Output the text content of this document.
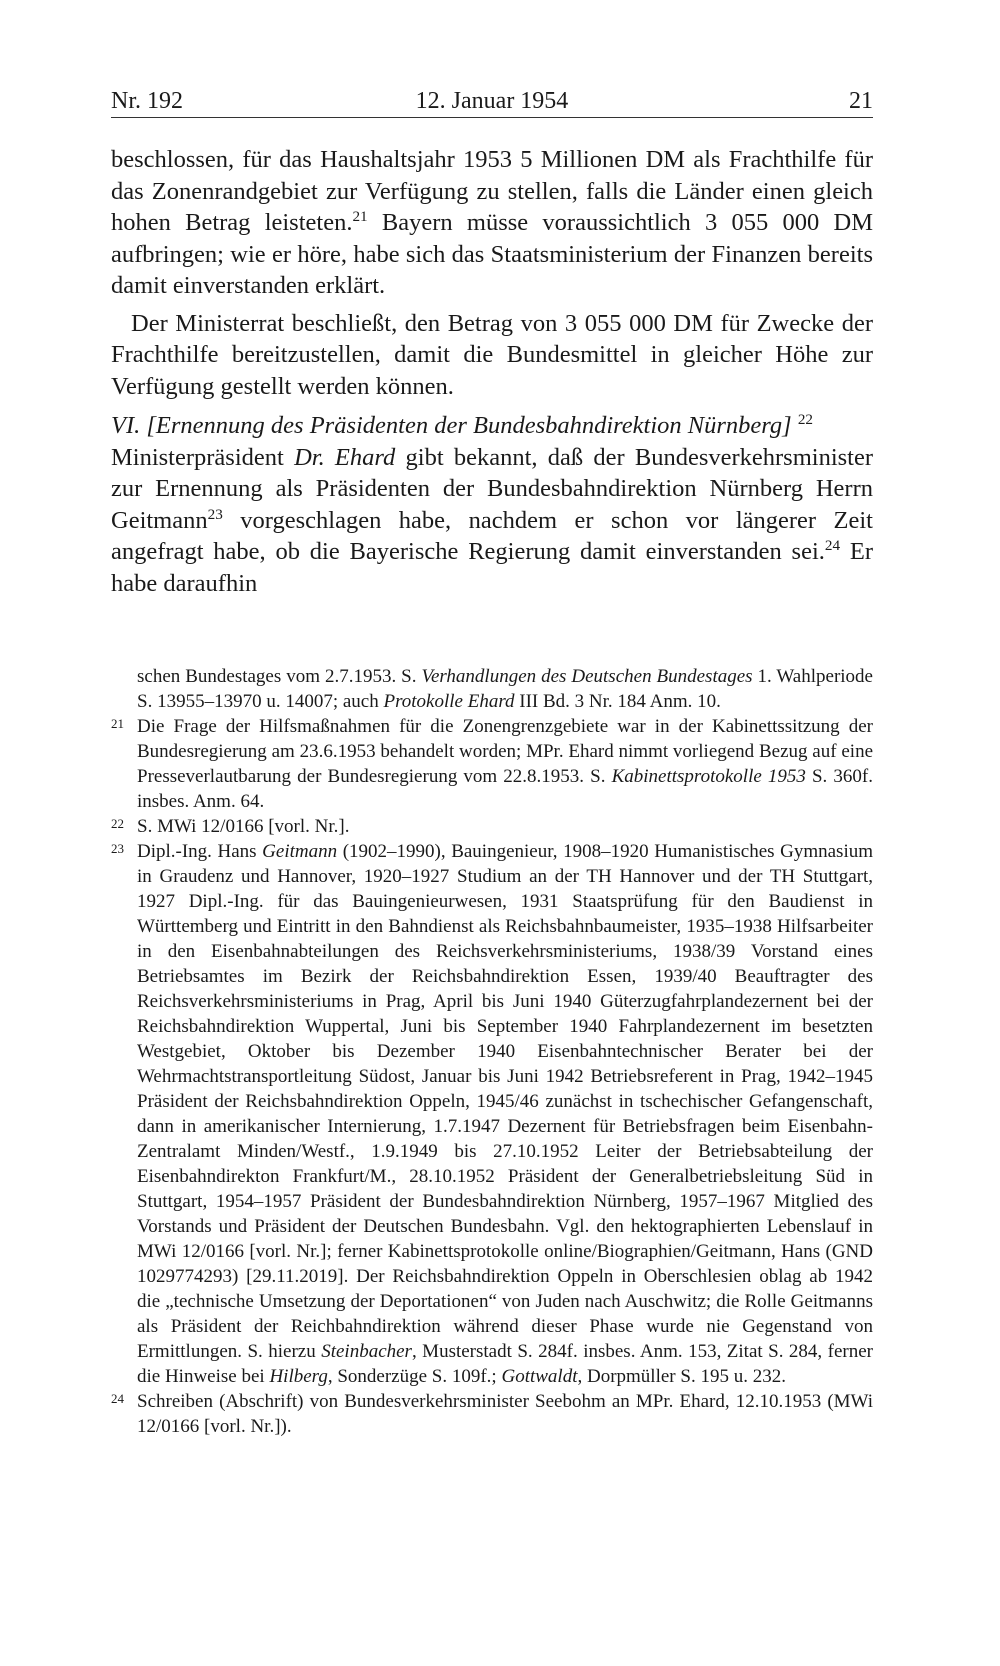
Nr. 192	12. Januar 1954	21

beschlossen, für das Haushaltsjahr 1953 5 Millionen DM als Frachthilfe für das Zonenrandgebiet zur Verfügung zu stellen, falls die Länder einen gleich hohen Betrag leisteten.$^{21}$ Bayern müsse voraussichtlich 3 055 000 DM aufbringen; wie er höre, habe sich das Staatsministerium der Finanzen bereits damit einverstanden erklärt.

Der Ministerrat beschließt, den Betrag von 3 055 000 DM für Zwecke der Frachthilfe bereitzustellen, damit die Bundesmittel in gleicher Höhe zur Verfügung gestellt werden können.

VI. [Ernennung des Präsidenten der Bundesbahndirektion Nürnberg] $^{22}$

Ministerpräsident Dr. Ehard gibt bekannt, daß der Bundesverkehrsminister zur Ernennung als Präsidenten der Bundesbahndirektion Nürnberg Herrn Geitmann$^{23}$ vorgeschlagen habe, nachdem er schon vor längerer Zeit angefragt habe, ob die Bayerische Regierung damit einverstanden sei.$^{24}$ Er habe daraufhin

schen Bundestages vom 2.7.1953. S. Verhandlungen des Deutschen Bundestages 1. Wahlperiode S. 13955–13970 u. 14007; auch Protokolle Ehard III Bd. 3 Nr. 184 Anm. 10.

21 Die Frage der Hilfsmaßnahmen für die Zonengrenzgebiete war in der Kabinettssitzung der Bundesregierung am 23.6.1953 behandelt worden; MPr. Ehard nimmt vorliegend Bezug auf eine Presseverlautbarung der Bundesregierung vom 22.8.1953. S. Kabinettsprotokolle 1953 S. 360f. insbes. Anm. 64.

22 S. MWi 12/0166 [vorl. Nr.].

23 Dipl.-Ing. Hans Geitmann (1902–1990), Bauingenieur, 1908–1920 Humanistisches Gymnasium in Graudenz und Hannover, 1920–1927 Studium an der TH Hannover und der TH Stuttgart, 1927 Dipl.-Ing. für das Bauingenieurwesen, 1931 Staatsprüfung für den Baudienst in Württemberg und Eintritt in den Bahndienst als Reichsbahnbaumeister, 1935–1938 Hilfsarbeiter in den Eisenbahnabteilungen des Reichsverkehrsministeriums, 1938/39 Vorstand eines Betriebsamtes im Bezirk der Reichsbahndirektion Essen, 1939/40 Beauftragter des Reichsverkehrsministeriums in Prag, April bis Juni 1940 Güterzugfahrplandezernent bei der Reichsbahndirektion Wuppertal, Juni bis September 1940 Fahrplandezernent im besetzten Westgebiet, Oktober bis Dezember 1940 Eisenbahntechnischer Berater bei der Wehrmachtstransportleitung Südost, Januar bis Juni 1942 Betriebsreferent in Prag, 1942–1945 Präsident der Reichsbahndirektion Oppeln, 1945/46 zunächst in tschechischer Gefangenschaft, dann in amerikanischer Internierung, 1.7.1947 Dezernent für Betriebsfragen beim Eisenbahn-Zentralamt Minden/Westf., 1.9.1949 bis 27.10.1952 Leiter der Betriebsabteilung der Eisenbahndirekton Frankfurt/M., 28.10.1952 Präsident der Generalbetriebsleitung Süd in Stuttgart, 1954–1957 Präsident der Bundesbahndirektion Nürnberg, 1957–1967 Mitglied des Vorstands und Präsident der Deutschen Bundesbahn. Vgl. den hektographierten Lebenslauf in MWi 12/0166 [vorl. Nr.]; ferner Kabinettsprotokolle online/Biographien/Geitmann, Hans (GND 1029774293) [29.11.2019]. Der Reichsbahndirektion Oppeln in Oberschlesien oblag ab 1942 die „technische Umsetzung der Deportationen“ von Juden nach Auschwitz; die Rolle Geitmanns als Präsident der Reichbahndirektion während dieser Phase wurde nie Gegenstand von Ermittlungen. S. hierzu Steinbacher, Musterstadt S. 284f. insbes. Anm. 153, Zitat S. 284, ferner die Hinweise bei Hilberg, Sonderzüge S. 109f.; Gottwaldt, Dorpmüller S. 195 u. 232.

24 Schreiben (Abschrift) von Bundesverkehrsminister Seebohm an MPr. Ehard, 12.10.1953 (MWi 12/0166 [vorl. Nr.]).
